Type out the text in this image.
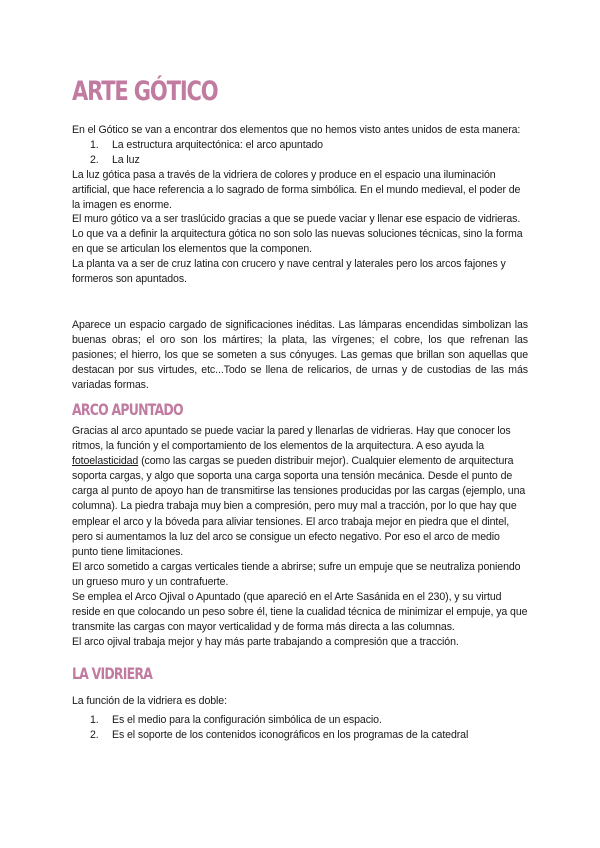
ARTE GÓTICO

En el Gótico se van a encontrar dos elementos que no hemos visto antes unidos de esta manera:

1. La estructura arquitectónica: el arco apuntado
2. La luz

La luz gótica pasa a través de la vidriera de colores y produce en el espacio una iluminación artificial, que hace referencia a lo sagrado de forma simbólica. En el mundo medieval, el poder de la imagen es enorme.

El muro gótico va a ser traslúcido gracias a que se puede vaciar y llenar ese espacio de vidrieras.

Lo que va a definir la arquitectura gótica no son solo las nuevas soluciones técnicas, sino la forma en que se articulan los elementos que la componen.

La planta va a ser de cruz latina con crucero y nave central y laterales pero los arcos fajones y formeros son apuntados.

Aparece un espacio cargado de significaciones inéditas. Las lámparas encendidas simbolizan las buenas obras; el oro son los mártires; la plata, las vírgenes; el cobre, los que refrenan las pasiones; el hierro, los que se someten a sus cónyuges. Las gemas que brillan son aquellas que destacan por sus virtudes, etc...Todo se llena de relicarios, de urnas y de custodias de las más variadas formas.

ARCO APUNTADO

Gracias al arco apuntado se puede vaciar la pared y llenarlas de vidrieras. Hay que conocer los ritmos, la función y el comportamiento de los elementos de la arquitectura. A eso ayuda la fotoelasticidad (como las cargas se pueden distribuir mejor). Cualquier elemento de arquitectura soporta cargas, y algo que soporta una carga soporta una tensión mecánica. Desde el punto de carga al punto de apoyo han de transmitirse las tensiones producidas por las cargas (ejemplo, una columna). La piedra trabaja muy bien a compresión, pero muy mal a tracción, por lo que hay que emplear el arco y la bóveda para aliviar tensiones. El arco trabaja mejor en piedra que el dintel, pero si aumentamos la luz del arco se consigue un efecto negativo. Por eso el arco de medio punto tiene limitaciones.

El arco sometido a cargas verticales tiende a abrirse; sufre un empuje que se neutraliza poniendo un grueso muro y un contrafuerte.

Se emplea el Arco Ojival o Apuntado (que apareció en el Arte Sasánida en el 230), y su virtud reside en que colocando un peso sobre él, tiene la cualidad técnica de minimizar el empuje, ya que transmite las cargas con mayor verticalidad y de forma más directa a las columnas.

El arco ojival trabaja mejor y hay más parte trabajando a compresión que a tracción.

LA VIDRIERA

La función de la vidriera es doble:

1. Es el medio para la configuración simbólica de un espacio.
2. Es el soporte de los contenidos iconográficos en los programas de la catedral
